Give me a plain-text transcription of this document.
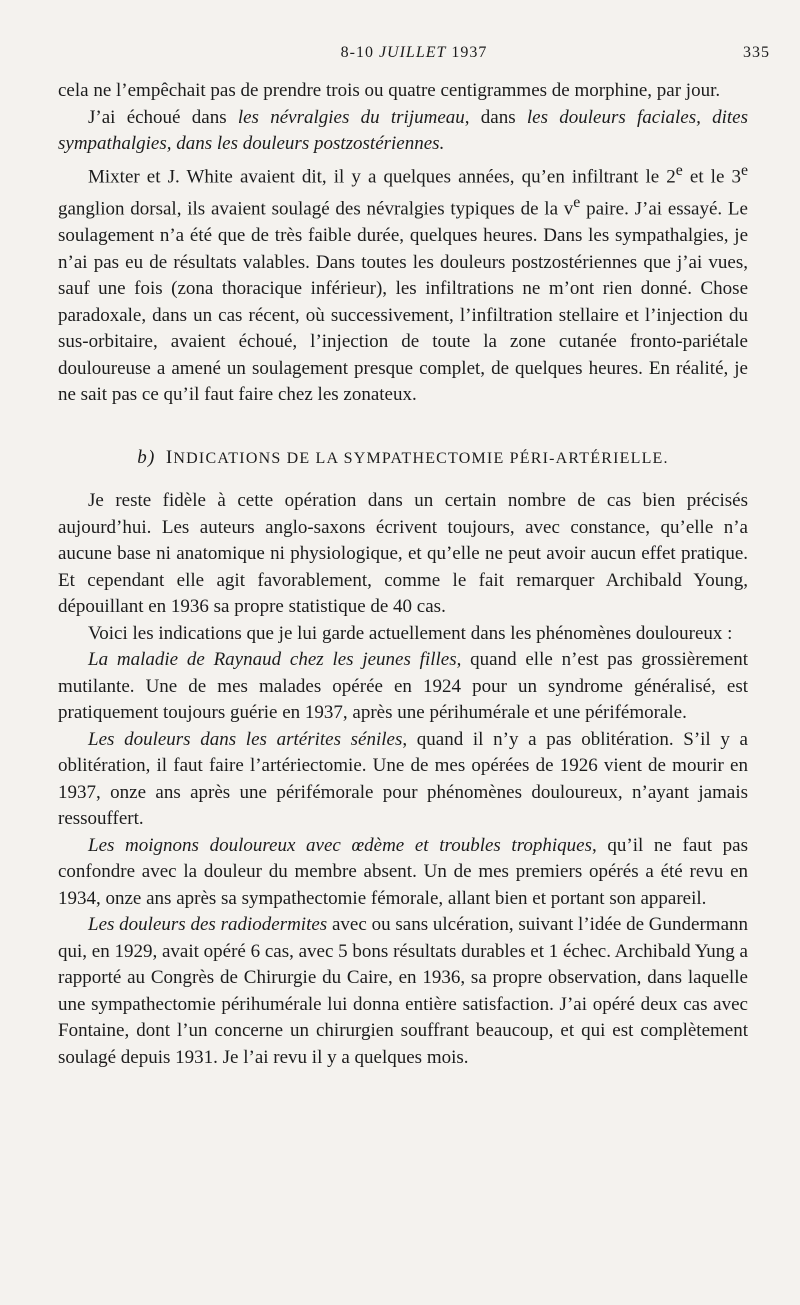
8-10 JUILLET 1937	335

cela ne l’empêchait pas de prendre trois ou quatre centigrammes de morphine, par jour.

J’ai échoué dans les névralgies du trijumeau, dans les douleurs faciales, dites sympathalgies, dans les douleurs postzostériennes.

Mixter et J. White avaient dit, il y a quelques années, qu’en infiltrant le 2e et le 3e ganglion dorsal, ils avaient soulagé des névralgies typiques de la $v^e$ paire. J’ai essayé. Le soulagement n’a été que de très faible durée, quelques heures. Dans les sympathalgies, je n’ai pas eu de résultats valables. Dans toutes les douleurs postzostériennes que j’ai vues, sauf une fois (zona thoracique inférieur), les infiltrations ne m’ont rien donné. Chose paradoxale, dans un cas récent, où successivement, l’infiltration stellaire et l’injection du sus-orbitaire, avaient échoué, l’injection de toute la zone cutanée fronto-pariétale douloureuse a amené un soulagement presque complet, de quelques heures. En réalité, je ne sait pas ce qu’il faut faire chez les zonateux.

b) INDICATIONS DE LA SYMPATHECTOMIE PÉRI-ARTÉRIELLE.

Je reste fidèle à cette opération dans un certain nombre de cas bien précisés aujourd’hui. Les auteurs anglo-saxons écrivent toujours, avec constance, qu’elle n’a aucune base ni anatomique ni physiologique, et qu’elle ne peut avoir aucun effet pratique. Et cependant elle agit favorablement, comme le fait remarquer Archibald Young, dépouillant en 1936 sa propre statistique de 40 cas.

Voici les indications que je lui garde actuellement dans les phénomènes douloureux :

La maladie de Raynaud chez les jeunes filles, quand elle n’est pas grossièrement mutilante. Une de mes malades opérée en 1924 pour un syndrome généralisé, est pratiquement toujours guérie en 1937, après une périhumérale et une périfémorale.

Les douleurs dans les artérites séniles, quand il n’y a pas oblitération. S’il y a oblitération, il faut faire l’artériectomie. Une de mes opérées de 1926 vient de mourir en 1937, onze ans après une périfémorale pour phénomènes douloureux, n’ayant jamais ressouffert.

Les moignons douloureux avec œdème et troubles trophiques, qu’il ne faut pas confondre avec la douleur du membre absent. Un de mes premiers opérés a été revu en 1934, onze ans après sa sympathectomie fémorale, allant bien et portant son appareil.

Les douleurs des radiodermites avec ou sans ulcération, suivant l’idée de Gundermann qui, en 1929, avait opéré 6 cas, avec 5 bons résultats durables et 1 échec. Archibald Yung a rapporté au Congrès de Chirurgie du Caire, en 1936, sa propre observation, dans laquelle une sympathectomie périhumérale lui donna entière satisfaction. J’ai opéré deux cas avec Fontaine, dont l’un concerne un chirurgien souffrant beaucoup, et qui est complètement soulagé depuis 1931. Je l’ai revu il y a quelques mois.
